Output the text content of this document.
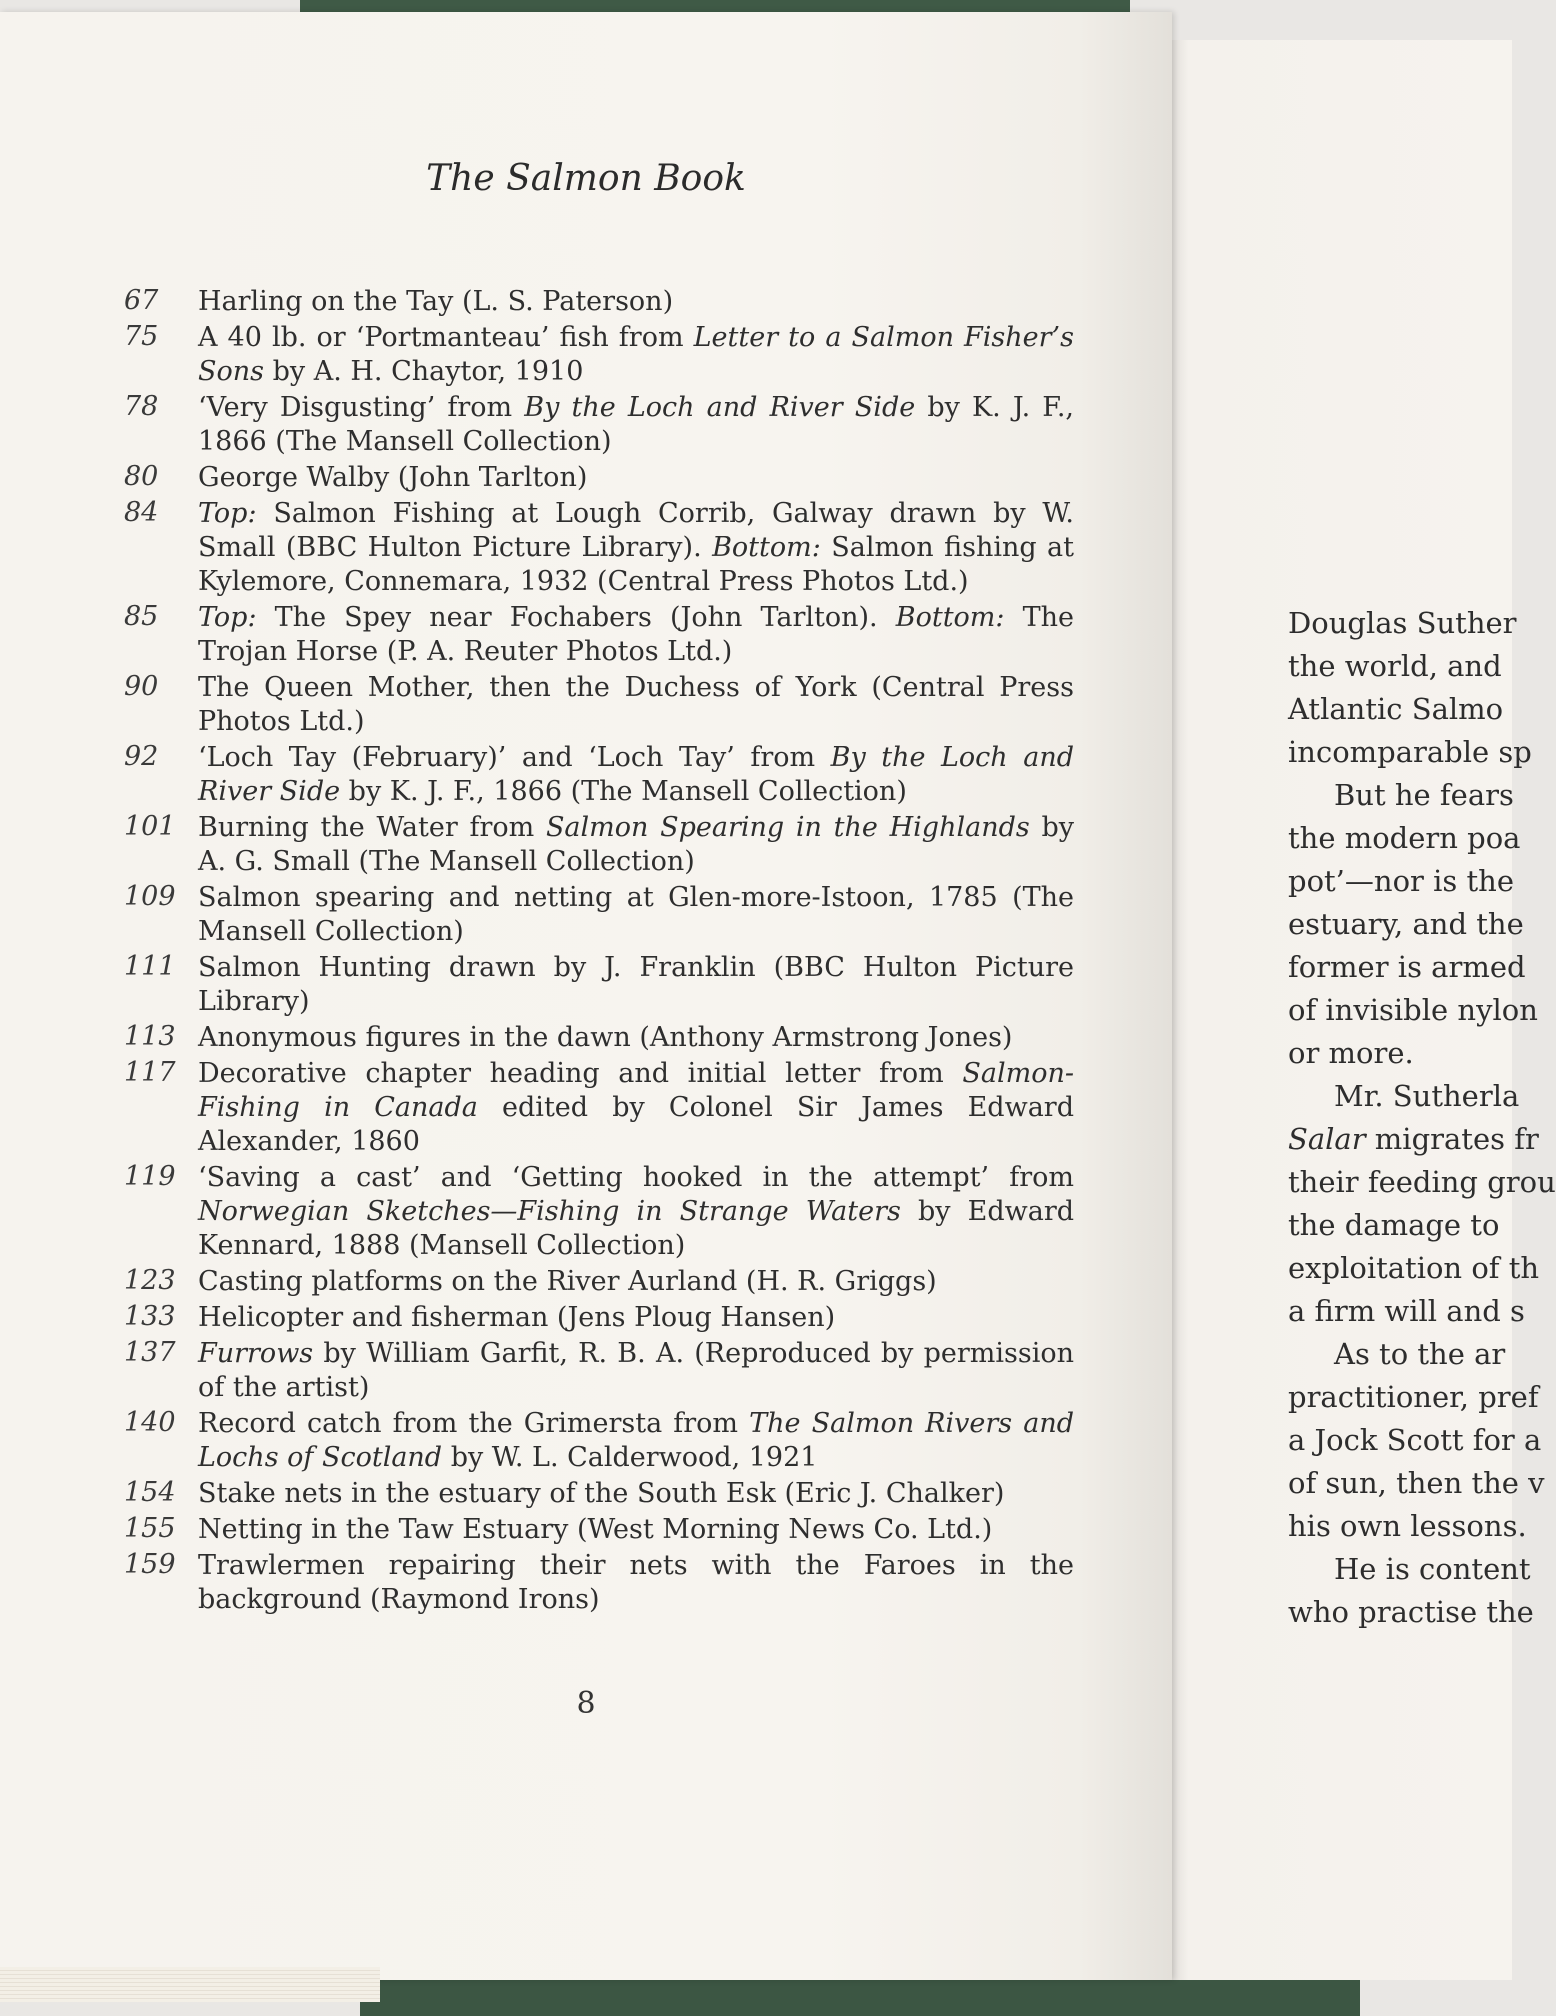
The Salmon Book
67	Harling on the Tay (L. S. Paterson)
75	A 40 lb. or ‘Portmanteau’ fish from Letter to a Salmon Fisher’s Sons by A. H. Chaytor, 1910
78	‘Very Disgusting’ from By the Loch and River Side by K. J. F., 1866 (The Mansell Collection)
80	George Walby (John Tarlton)
84	Top: Salmon Fishing at Lough Corrib, Galway drawn by W. Small (BBC Hulton Picture Library). Bottom: Salmon fishing at Kylemore, Connemara, 1932 (Central Press Photos Ltd.)
85	Top: The Spey near Fochabers (John Tarlton). Bottom: The Trojan Horse (P. A. Reuter Photos Ltd.)
90	The Queen Mother, then the Duchess of York (Central Press Photos Ltd.)
92	‘Loch Tay (February)’ and ‘Loch Tay’ from By the Loch and River Side by K. J. F., 1866 (The Mansell Collection)
101 Burning the Water from Salmon Spearing in the Highlands by A. G. Small (The Mansell Collection)
109 Salmon spearing and netting at Glen-more-Istoon, 1785 (The Mansell Collection)
111 Salmon Hunting drawn by J. Franklin (BBC Hulton Picture Library)
113 Anonymous figures in the dawn (Anthony Armstrong Jones)
117 Decorative chapter heading and initial letter from Salmon-Fishing in Canada edited by Colonel Sir James Edward Alexander, 1860
119 ‘Saving a cast’ and ‘Getting hooked in the attempt’ from Norwegian Sketches—Fishing in Strange Waters by Edward Kennard, 1888 (Mansell Collection)
123 Casting platforms on the River Aurland (H. R. Griggs)
133 Helicopter and fisherman (Jens Ploug Hansen)
137 Furrows by William Garfit, R. B. A. (Reproduced by permission of the artist)
140 Record catch from the Grimersta from The Salmon Rivers and Lochs of Scotland by W. L. Calderwood, 1921
154 Stake nets in the estuary of the South Esk (Eric J. Chalker)
155 Netting in the Taw Estuary (West Morning News Co. Ltd.)
159 Trawlermen repairing their nets with the Faroes in the background (Raymond Irons)
8
Douglas Suther
the world, and
Atlantic Salmo
incomparable sp
But he fears
the modern poa
pot’—nor is the
estuary, and the
former is armed
of invisible nylon
or more.
Mr. Sutherla
Salar migrates fr
their feeding grou
the damage to
exploitation of th
a firm will and s
As to the ar
practitioner, pref
a Jock Scott for a
of sun, then the v
his own lessons.
He is content
who practise the
